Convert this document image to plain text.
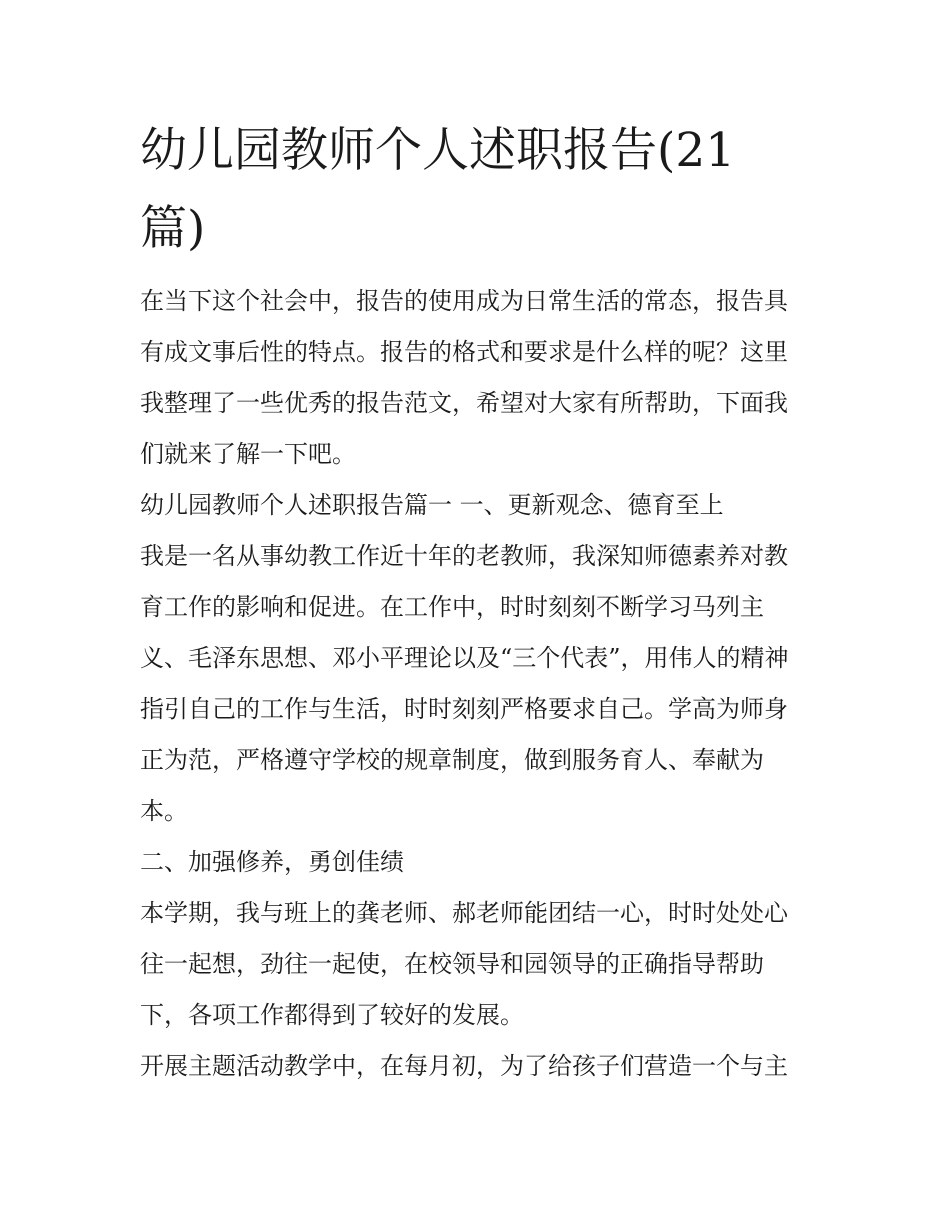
幼儿园教师个人述职报告(21
篇)
在当下这个社会中，报告的使用成为日常生活的常态，报告具
有成文事后性的特点。报告的格式和要求是什么样的呢？这里
我整理了一些优秀的报告范文，希望对大家有所帮助，下面我
们就来了解一下吧。
幼儿园教师个人述职报告篇一 一、更新观念、德育至上
我是一名从事幼教工作近十年的老教师，我深知师德素养对教
育工作的影响和促进。在工作中，时时刻刻不断学习马列主
义、毛泽东思想、邓小平理论以及“三个代表”，用伟人的精神
指引自己的工作与生活，时时刻刻严格要求自己。学高为师身
正为范，严格遵守学校的规章制度，做到服务育人、奉献为
本。
二、加强修养，勇创佳绩
本学期，我与班上的龚老师、郝老师能团结一心，时时处处心
往一起想，劲往一起使，在校领导和园领导的正确指导帮助
下，各项工作都得到了较好的发展。
开展主题活动教学中，在每月初，为了给孩子们营造一个与主
